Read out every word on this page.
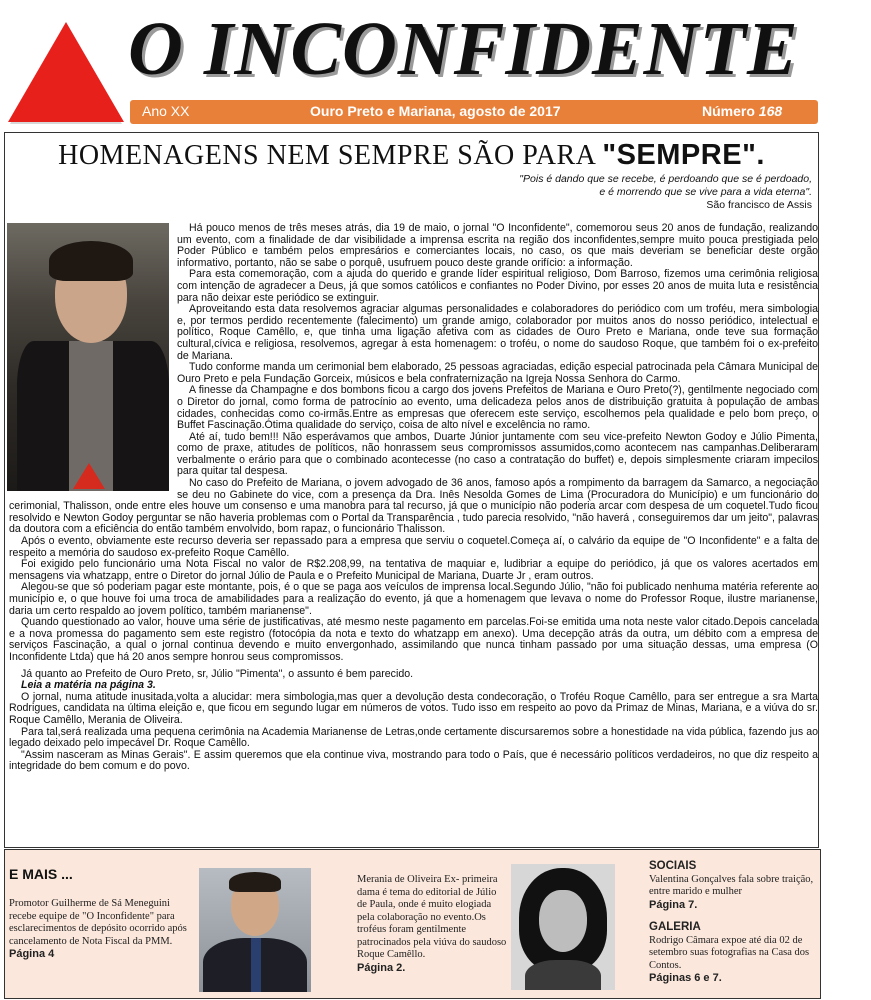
O INCONFIDENTE
Ano XX	Ouro Preto e Mariana, agosto de 2017	Número 168
HOMENAGENS NEM SEMPRE SÃO PARA "SEMPRE".
"Pois é dando que se recebe, é perdoando que se é perdoado,
e é morrendo que se vive para a vida eterna".
São francisco de Assis

Há pouco menos de três meses atrás, dia 19 de maio, o jornal "O Inconfidente", comemorou seus 20 anos de fundação, realizando um evento, com a finalidade de dar visibilidade a imprensa escrita na região dos inconfidentes,sempre muito pouca prestigiada pelo Poder Público e também pelos empresários e comerciantes locais, no caso, os que mais deveriam se beneficiar deste orgão informativo, portanto, não se sabe o porquê, usufruem pouco deste grande orifício: a informação.

Para esta comemoração, com a ajuda do querido e grande líder espiritual religioso, Dom Barroso, fizemos uma cerimônia religiosa com intenção de agradecer a Deus, já que somos católicos e confiantes no Poder Divino, por esses 20 anos de muita luta e resistência para não deixar este periódico se extinguir.

Aproveitando esta data resolvemos agraciar algumas personalidades e colaboradores do periódico com um troféu, mera simbologia e, por termos perdido recentemente (falecimento) um grande amigo, colaborador por muitos anos do nosso periódico, intelectual e político, Roque Camêllo, e, que tinha uma ligação afetiva com as cidades de Ouro Preto e Mariana, onde teve sua formação cultural,cívica e religiosa, resolvemos, agregar à esta homenagem: o troféu, o nome do saudoso Roque, que também foi o ex-prefeito de Mariana.

Tudo conforme manda um cerimonial bem elaborado, 25 pessoas agraciadas, edição especial patrocinada pela Câmara Municipal de Ouro Preto e pela Fundação Gorceix, músicos e bela confraternização na Igreja Nossa Senhora do Carmo.

A finesse da Champagne e dos bombons ficou a cargo dos jovens Prefeitos de Mariana e Ouro Preto(?), gentilmente negociado com o Diretor do jornal, como forma de patrocínio ao evento, uma delicadeza pelos anos de distribuição gratuita à população de ambas cidades, conhecidas como co-irmãs.Entre as empresas que oferecem este serviço, escolhemos pela qualidade e pelo bom preço, o Buffet Fascinação.Ótima qualidade do serviço, coisa de alto nível e excelência no ramo.

Até aí, tudo bem!!! Não esperávamos que ambos, Duarte Júnior juntamente com seu vice-prefeito Newton Godoy e Júlio Pimenta, como de praxe, atitudes de políticos, não honrassem seus compromissos assumidos,como acontecem nas campanhas.Deliberaram verbalmente o erário para que o combinado acontecesse (no caso a contratação do buffet) e, depois simplesmente criaram impecilos para quitar tal despesa.

No caso do Prefeito de Mariana, o jovem advogado de 36 anos, famoso após a rompimento da barragem da Samarco, a negociação se deu no Gabinete do vice, com a presença da Dra. Inês Nesolda Gomes de Lima (Procuradora do Município) e um funcionário do cerimonial, Thalisson, onde entre eles houve um consenso e uma manobra para tal recurso, já que o município não poderia arcar com despesa de um coquetel.Tudo ficou resolvido e Newton Godoy perguntar se não haveria problemas com o Portal da Transparência , tudo parecia resolvido, "não haverá , conseguiremos dar um jeito", palavras da doutora com a eficiência do então também envolvido, bom rapaz, o funcionário Thalisson.

Após o evento, obviamente este recurso deveria ser repassado para a empresa que serviu o coquetel.Começa aí, o calvário da equipe de "O Inconfidente" e a falta de respeito a memória do saudoso ex-prefeito Roque Camêllo.

Foi exigido pelo funcionário uma Nota Fiscal no valor de R$2.208,99, na tentativa de maquiar e, ludibriar a equipe do periódico, já que os valores acertados em mensagens via whatzapp, entre o Diretor do jornal Júlio de Paula e o Prefeito Municipal de Mariana, Duarte Jr , eram outros.

Alegou-se que só poderiam pagar este montante, pois, é o que se paga aos veículos de imprensa local.Segundo Júlio, "não foi publicado nenhuma matéria referente ao município e, o que houve foi uma troca de amabilidades para a realização do evento, já que a homenagem que levava o nome do Professor Roque, ilustre marianense, daria um certo respaldo ao jovem político, também marianense".

Quando questionado ao valor, houve uma série de justificativas, até mesmo neste pagamento em parcelas.Foi-se emitida uma nota neste valor citado.Depois cancelada e a nova promessa do pagamento sem este registro (fotocópia da nota e texto do whatzapp em anexo). Uma decepção atrás da outra, um débito com a empresa de serviços Fascinação, a qual o jornal continua devendo e muito envergonhado, assimilando que nunca tinham passado por uma situação dessas, uma empresa (O Inconfidente Ltda) que há 20 anos sempre honrou seus compromissos.

Já quanto ao Prefeito de Ouro Preto, sr, Júlio "Pimenta", o assunto é bem parecido.

Leia a matéria na página 3.

O jornal, numa atitude inusitada,volta a alucidar: mera simbologia,mas quer a devolução desta condecoração, o Troféu Roque Camêllo, para ser entregue a sra Marta Rodrigues, candidata na última eleição e, que ficou em segundo lugar em números de votos. Tudo isso em respeito ao povo da Primaz de Minas, Mariana, e a viúva do sr. Roque Camêllo, Merania de Oliveira.

Para tal,será realizada uma pequena cerimônia na Academia Marianense de Letras,onde certamente discursaremos sobre a honestidade na vida pública, fazendo jus ao legado deixado pelo impecável Dr. Roque Camêllo.

"Assim nasceram as Minas Gerais". E assim queremos que ela continue viva, mostrando para todo o País, que é necessário políticos verdadeiros, no que diz respeito a integridade do bem comum e do povo.

E MAIS ...
Promotor Guilherme de Sá Meneguini recebe equipe de "O Inconfidente" para esclarecimentos de depósito ocorrido após cancelamento de Nota Fiscal da PMM.
Página 4
Merania de Oliveira Ex- primeira dama é tema do editorial de Júlio de Paula, onde é muito elogiada pela colaboração no evento.Os troféus foram gentilmente patrocinados pela viúva do saudoso Roque Camêllo.
Página 2.
SOCIAIS
Valentina Gonçalves fala sobre traição, entre marido e mulher
Página 7.
GALERIA
Rodrigo Câmara expoe até dia 02 de setembro suas fotografias na Casa dos Contos.
Páginas 6 e 7.
